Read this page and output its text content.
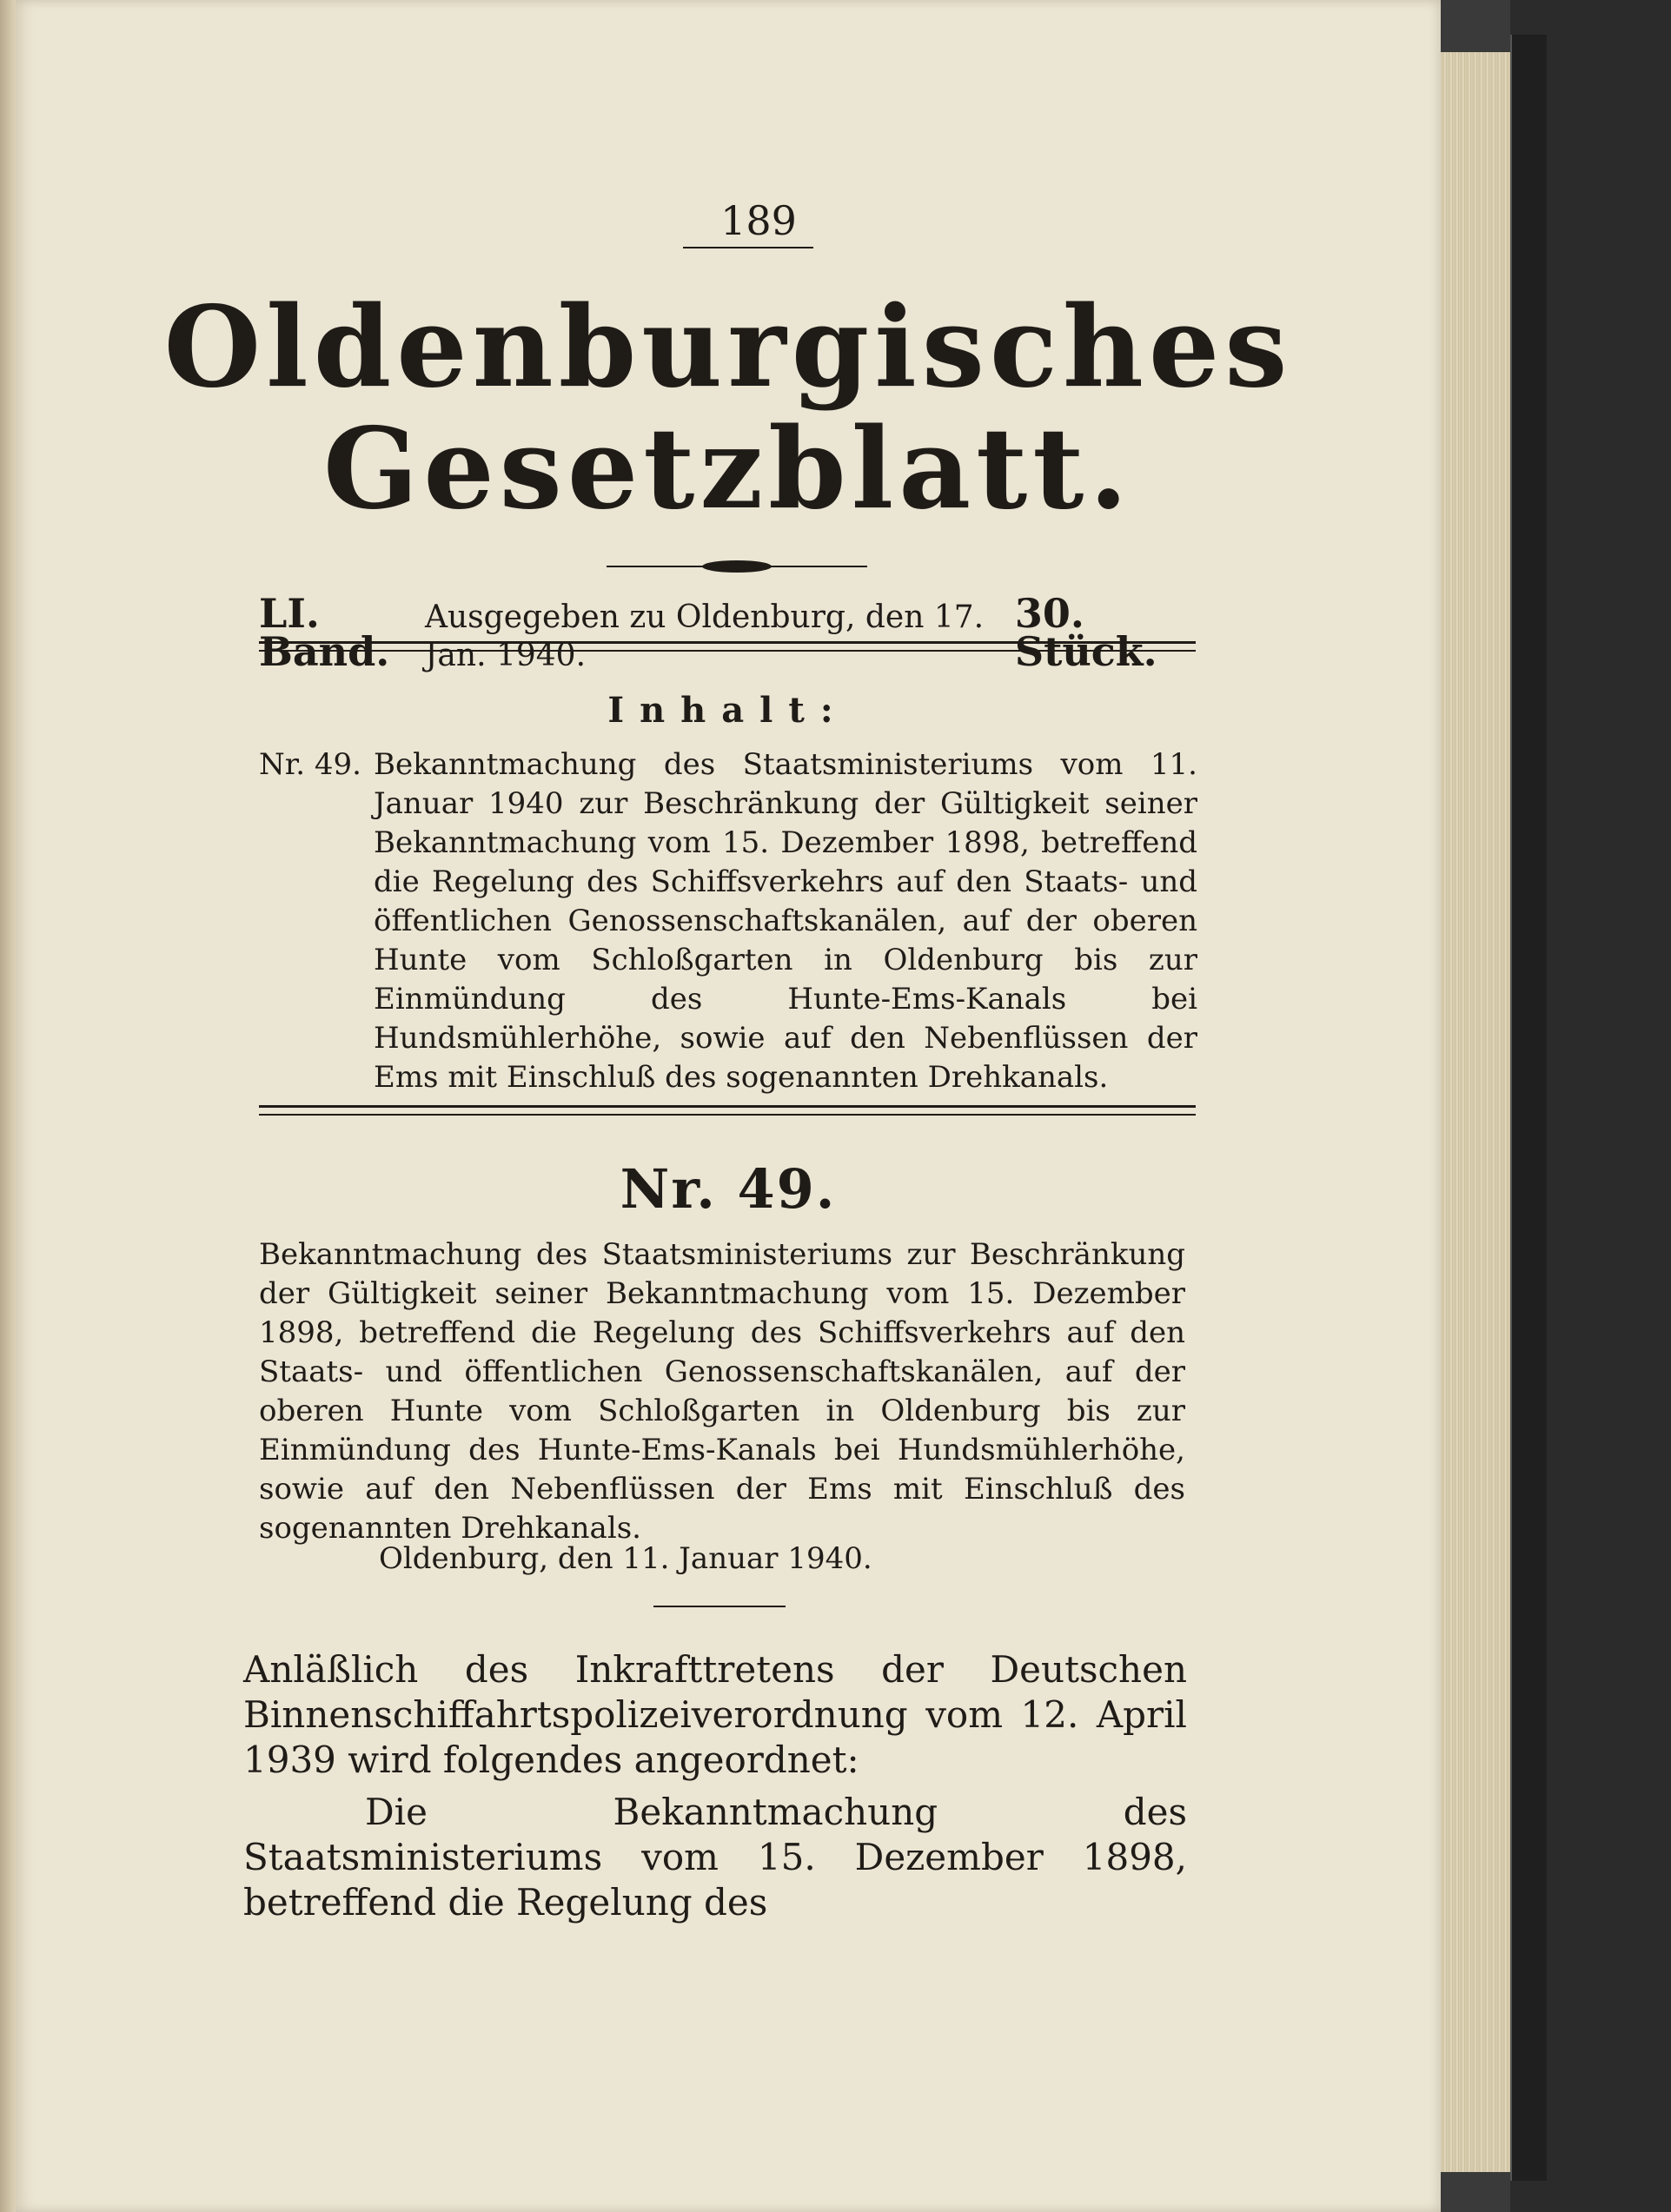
189
Oldenburgisches
Gesetzblatt.
LI. Band.
Ausgegeben zu Oldenburg, den 17. Jan. 1940.
30. Stück.
Inhalt:
Nr. 49. Bekanntmachung des Staatsministeriums vom 11. Januar 1940 zur Beschränkung der Gültigkeit seiner Bekanntmachung vom 15. Dezember 1898, betreffend die Regelung des Schiffsverkehrs auf den Staats- und öffentlichen Genossenschaftskanälen, auf der oberen Hunte vom Schloßgarten in Oldenburg bis zur Einmündung des Hunte-Ems-Kanals bei Hundsmühlerhöhe, sowie auf den Nebenflüssen der Ems mit Einschluß des sogenannten Drehkanals.
Nr. 49.
Bekanntmachung des Staatsministeriums zur Beschränkung der Gültigkeit seiner Bekanntmachung vom 15. Dezember 1898, betreffend die Regelung des Schiffsverkehrs auf den Staats- und öffentlichen Genossenschaftskanälen, auf der oberen Hunte vom Schloßgarten in Oldenburg bis zur Einmündung des Hunte-Ems-Kanals bei Hundsmühlerhöhe, sowie auf den Nebenflüssen der Ems mit Einschluß des sogenannten Drehkanals.
Oldenburg, den 11. Januar 1940.
Anläßlich des Inkrafttretens der Deutschen Binnenschiffahrtspolizeiverordnung vom 12. April 1939 wird folgendes angeordnet:
Die Bekanntmachung des Staatsministeriums vom 15. Dezember 1898, betreffend die Regelung des
